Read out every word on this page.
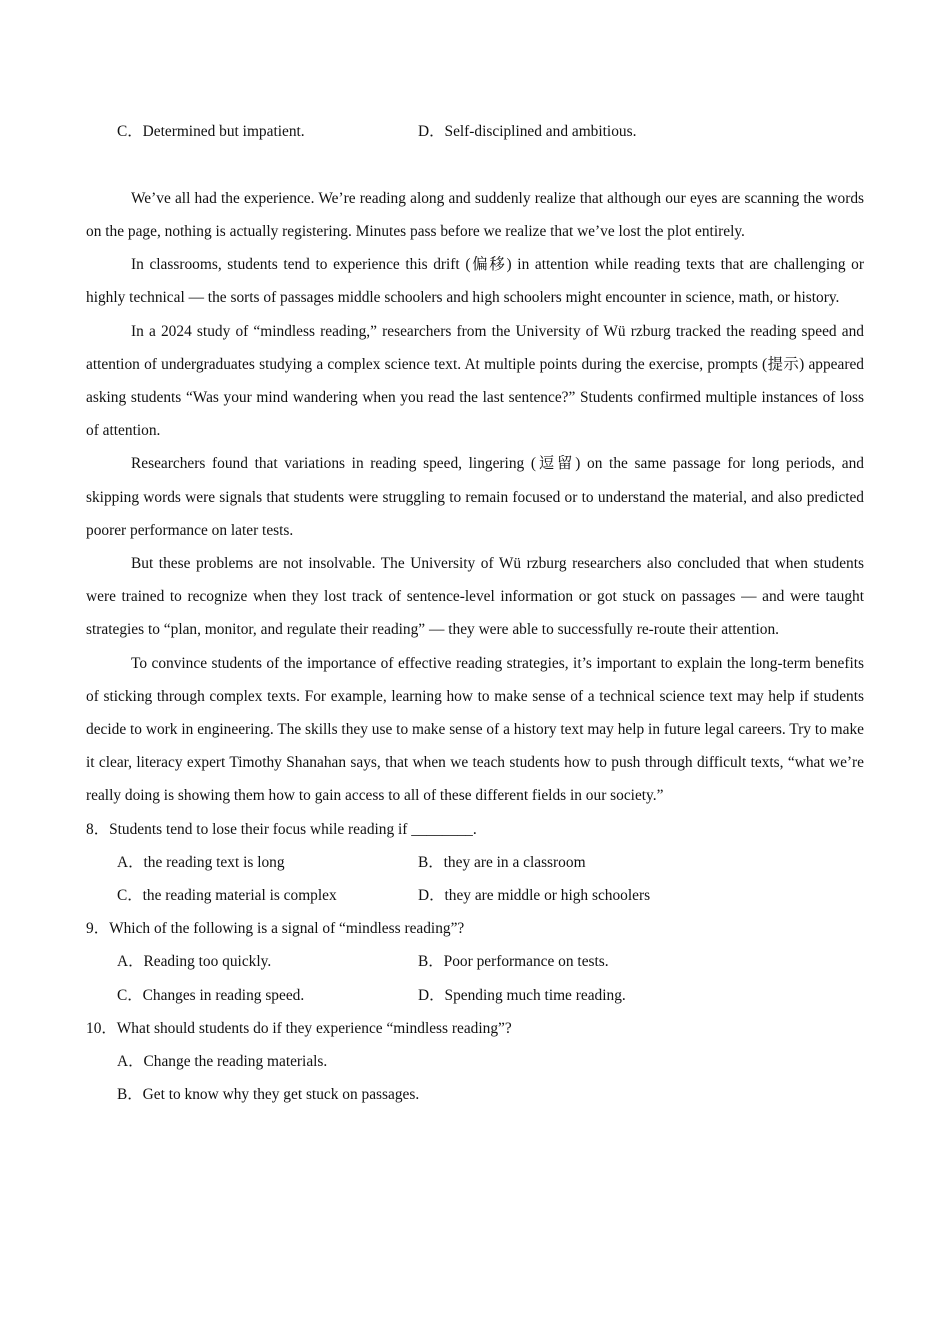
C．Determined but impatient.	D．Self-disciplined and ambitious.

We’ve all had the experience. We’re reading along and suddenly realize that although our eyes are scanning the words on the page, nothing is actually registering. Minutes pass before we realize that we’ve lost the plot entirely.

In classrooms, students tend to experience this drift (偏移) in attention while reading texts that are challenging or highly technical — the sorts of passages middle schoolers and high schoolers might encounter in science, math, or history.

In a 2024 study of “mindless reading,” researchers from the University of Wü rzburg tracked the reading speed and attention of undergraduates studying a complex science text. At multiple points during the exercise, prompts (提示) appeared asking students “Was your mind wandering when you read the last sentence?” Students confirmed multiple instances of loss of attention.

Researchers found that variations in reading speed, lingering (逗留) on the same passage for long periods, and skipping words were signals that students were struggling to remain focused or to understand the material, and also predicted poorer performance on later tests.

But these problems are not insolvable. The University of Wü rzburg researchers also concluded that when students were trained to recognize when they lost track of sentence-level information or got stuck on passages — and were taught strategies to “plan, monitor, and regulate their reading” — they were able to successfully re-route their attention.

To convince students of the importance of effective reading strategies, it’s important to explain the long-term benefits of sticking through complex texts. For example, learning how to make sense of a technical science text may help if students decide to work in engineering. The skills they use to make sense of a history text may help in future legal careers. Try to make it clear, literacy expert Timothy Shanahan says, that when we teach students how to push through difficult texts, “what we’re really doing is showing them how to gain access to all of these different fields in our society.”

8．Students tend to lose their focus while reading if ________.
A．the reading text is long	B．they are in a classroom
C．the reading material is complex	D．they are middle or high schoolers
9．Which of the following is a signal of “mindless reading”?
A．Reading too quickly.	B．Poor performance on tests.
C．Changes in reading speed.	D．Spending much time reading.
10．What should students do if they experience “mindless reading”?
A．Change the reading materials.
B．Get to know why they get stuck on passages.
